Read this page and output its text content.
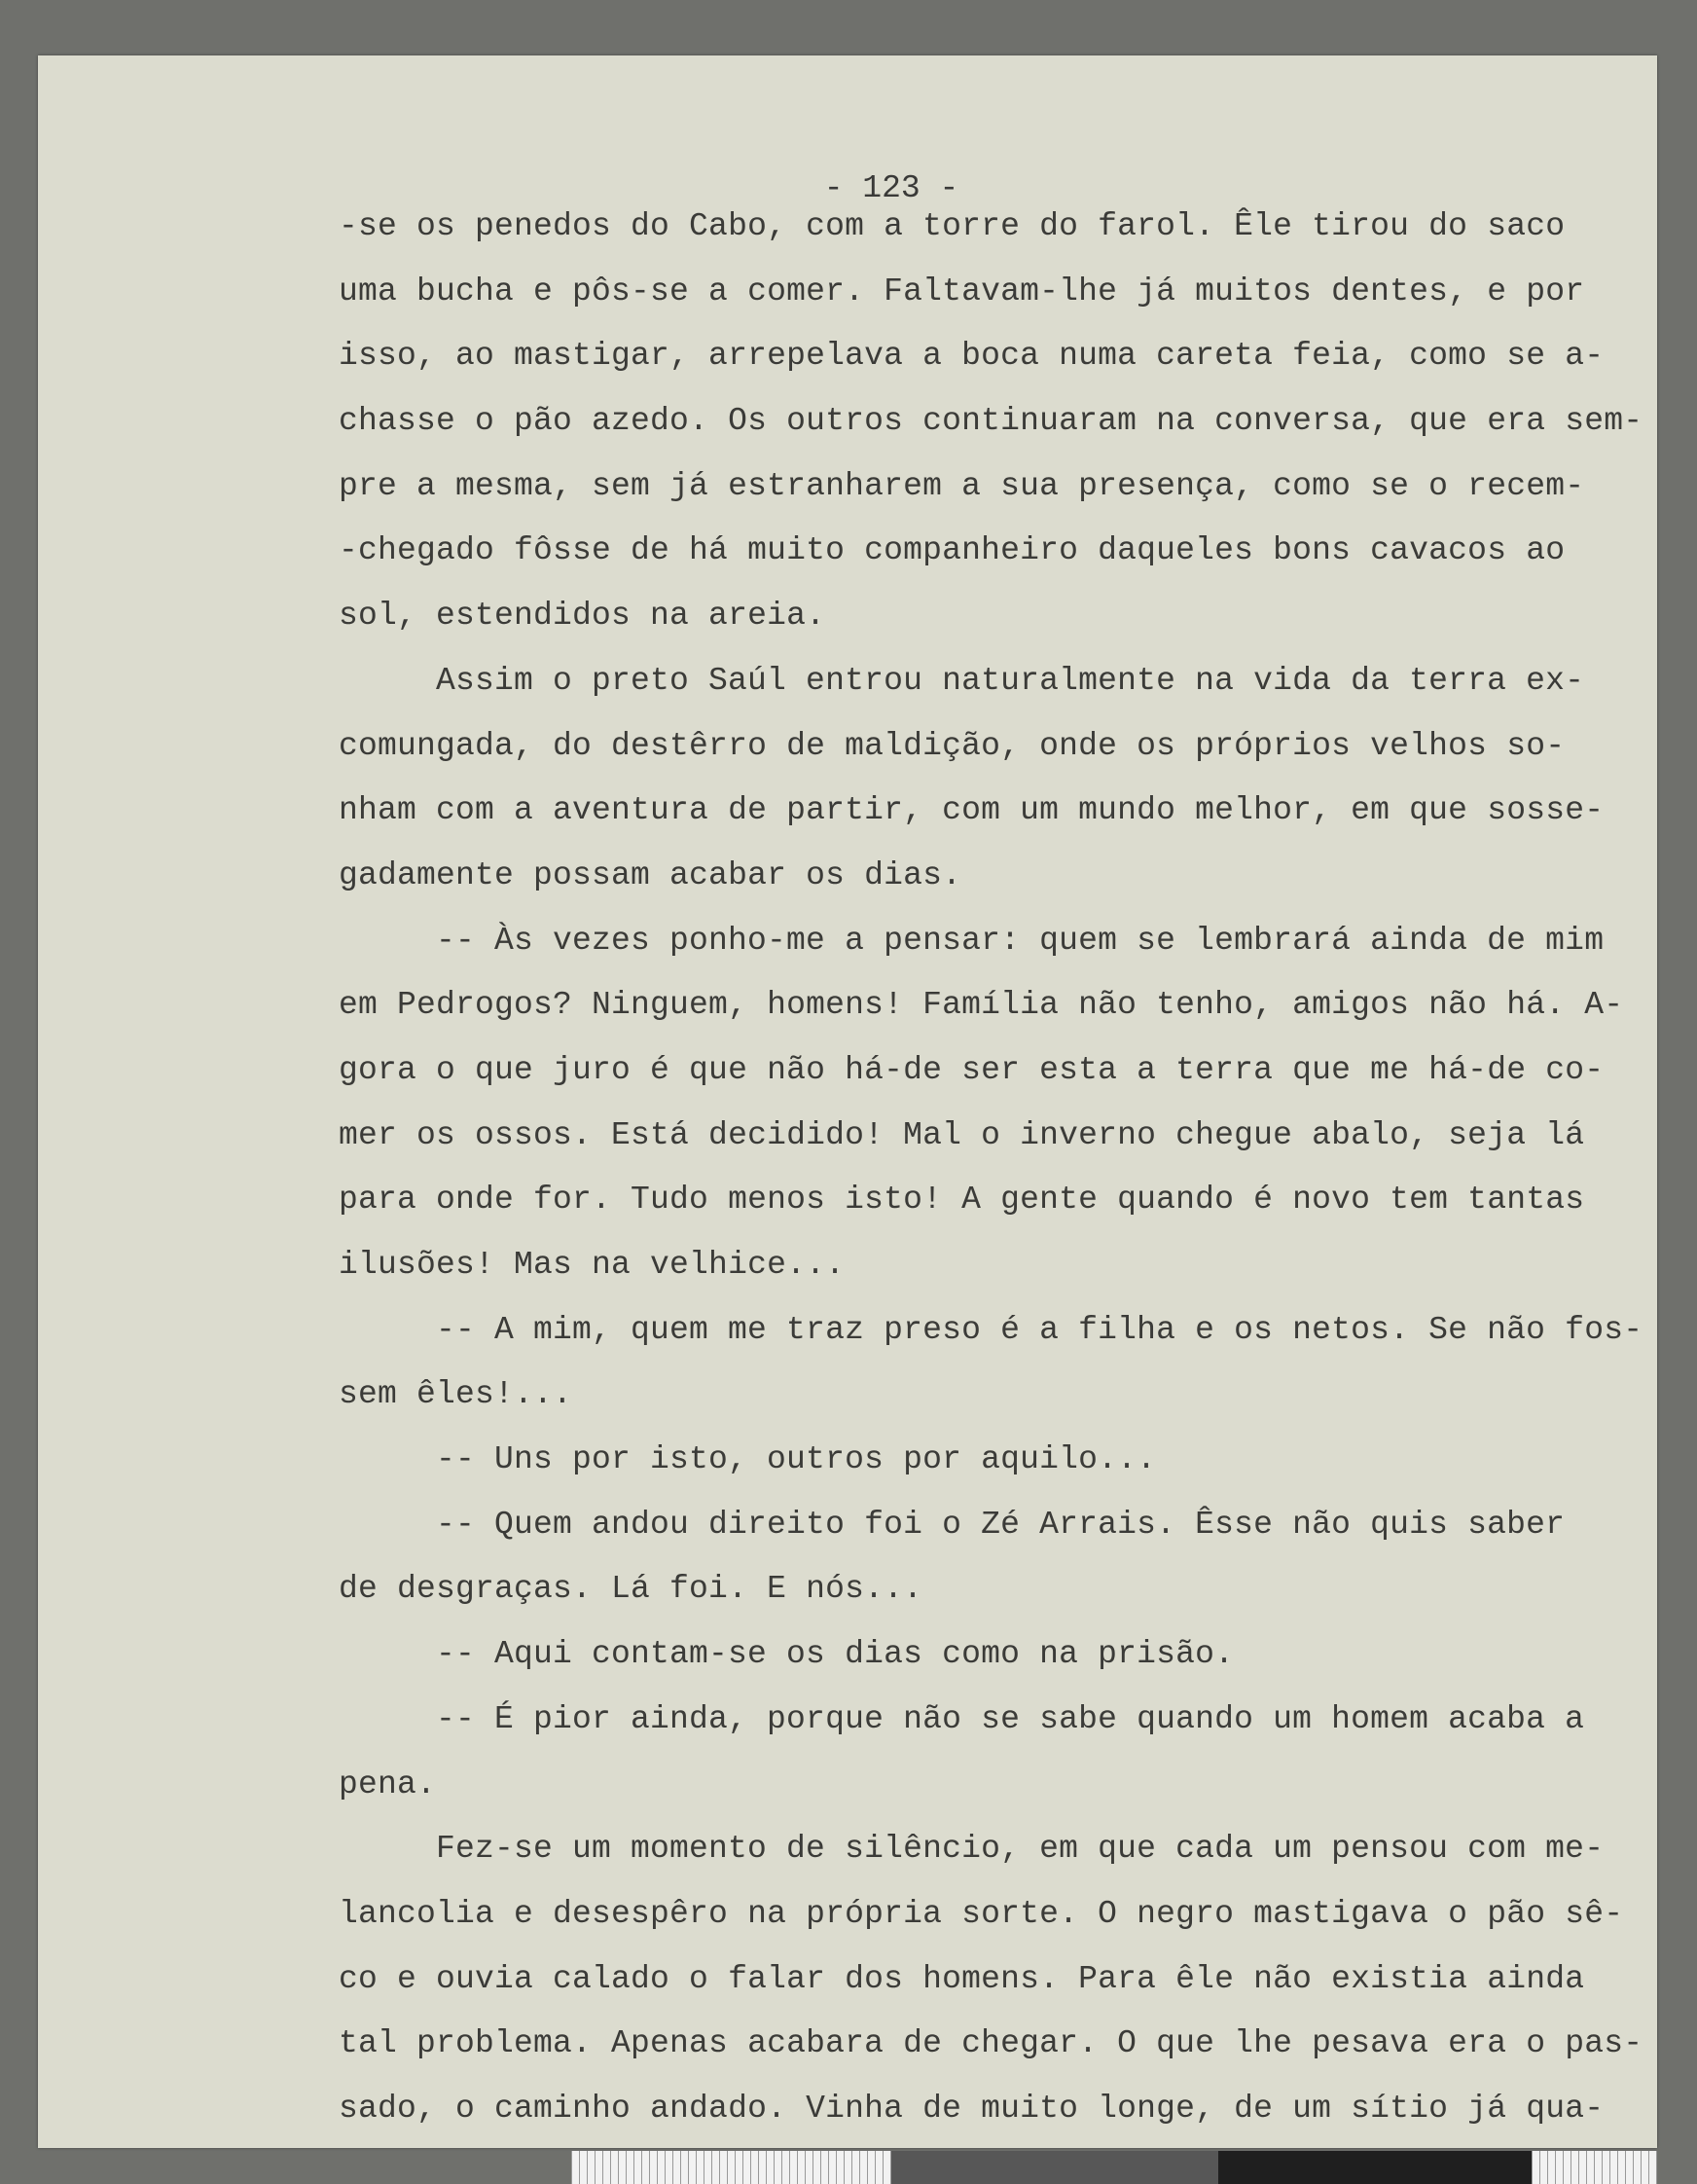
- 123 -
-se os penedos do Cabo, com a torre do farol. Êle tirou do saco
uma bucha e pôs-se a comer. Faltavam-lhe já muitos dentes, e por
isso, ao mastigar, arrepelava a boca numa careta feia, como se a-
chasse o pão azedo. Os outros continuaram na conversa, que era sem-
pre a mesma, sem já estranharem a sua presença, como se o recem-
-chegado fôsse de há muito companheiro daqueles bons cavacos ao
sol, estendidos na areia.
Assim o preto Saúl entrou naturalmente na vida da terra ex-
comungada, do destêrro de maldição, onde os próprios velhos so-
nham com a aventura de partir, com um mundo melhor, em que sosse-
gadamente possam acabar os dias.
-- Às vezes ponho-me a pensar: quem se lembrará ainda de mim
em Pedrogos? Ninguem, homens! Família não tenho, amigos não há. A-
gora o que juro é que não há-de ser esta a terra que me há-de co-
mer os ossos. Está decidido! Mal o inverno chegue abalo, seja lá
para onde for. Tudo menos isto! A gente quando é novo tem tantas
ilusões! Mas na velhice...
-- A mim, quem me traz preso é a filha e os netos. Se não fos-
sem êles!...
-- Uns por isto, outros por aquilo...
-- Quem andou direito foi o Zé Arrais. Êsse não quis saber
de desgraças. Lá foi. E nós...
-- Aqui contam-se os dias como na prisão.
-- É pior ainda, porque não se sabe quando um homem acaba a
pena.
Fez-se um momento de silêncio, em que cada um pensou com me-
lancolia e desespêro na própria sorte. O negro mastigava o pão sê-
co e ouvia calado o falar dos homens. Para êle não existia ainda
tal problema. Apenas acabara de chegar. O que lhe pesava era o pas-
sado, o caminho andado. Vinha de muito longe, de um sítio já qua-
